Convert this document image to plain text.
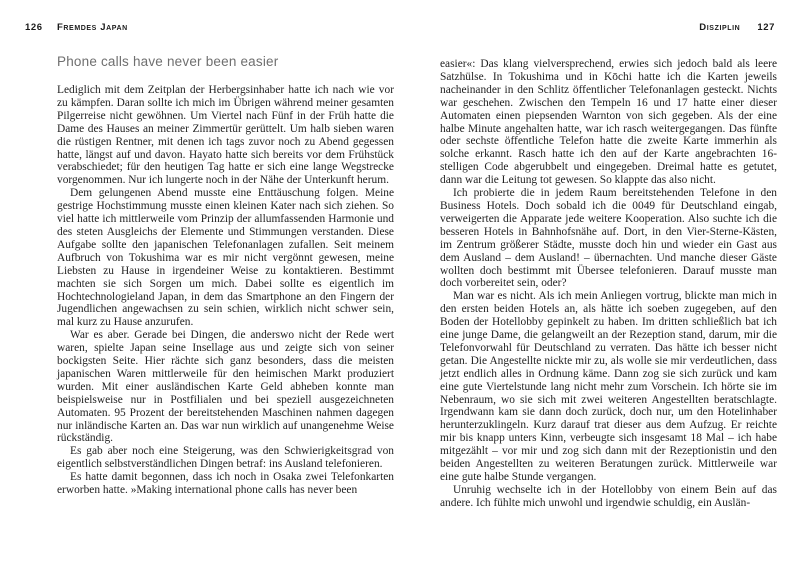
126 Fremdes Japan
Phone calls have never been easier

Lediglich mit dem Zeitplan der Herbergsinhaber hatte ich nach wie vor zu kämpfen. Daran sollte ich mich im Übrigen während meiner gesamten Pilgerreise nicht gewöhnen. Um Viertel nach Fünf in der Früh hatte die Dame des Hauses an meiner Zimmertür gerüttelt. Um halb sieben waren die rüstigen Rentner, mit denen ich tags zuvor noch zu Abend gegessen hatte, längst auf und davon. Hayato hatte sich bereits vor dem Frühstück verabschiedet; für den heutigen Tag hatte er sich eine lange Wegstrecke vorgenommen. Nur ich lungerte noch in der Nähe der Unterkunft herum.

Dem gelungenen Abend musste eine Enttäuschung folgen. Meine gestrige Hochstimmung musste einen kleinen Kater nach sich ziehen. So viel hatte ich mittlerweile vom Prinzip der allumfassenden Harmonie und des steten Ausgleichs der Elemente und Stimmungen verstanden. Diese Aufgabe sollte den japanischen Telefonanlagen zufallen. Seit meinem Aufbruch von Tokushima war es mir nicht vergönnt gewesen, meine Liebsten zu Hause in irgendeiner Weise zu kontaktieren. Bestimmt machten sie sich Sorgen um mich. Dabei sollte es eigentlich im Hochtechnologieland Japan, in dem das Smartphone an den Fingern der Jugendlichen angewachsen zu sein schien, wirklich nicht schwer sein, mal kurz zu Hause anzurufen.

War es aber. Gerade bei Dingen, die anderswo nicht der Rede wert waren, spielte Japan seine Insellage aus und zeigte sich von seiner bockigsten Seite. Hier rächte sich ganz besonders, dass die meisten japanischen Waren mittlerweile für den heimischen Markt produziert wurden. Mit einer ausländischen Karte Geld abheben konnte man beispielsweise nur in Postfilialen und bei speziell ausgezeichneten Automaten. 95 Prozent der bereitstehenden Maschinen nahmen dagegen nur inländische Karten an. Das war nun wirklich auf unangenehme Weise rückständig.

Es gab aber noch eine Steigerung, was den Schwierigkeitsgrad von eigentlich selbstverständlichen Dingen betraf: ins Ausland telefonieren.

Es hatte damit begonnen, dass ich noch in Osaka zwei Telefonkarten erworben hatte. »Making international phone calls has never been

Disziplin 127

easier«: Das klang vielversprechend, erwies sich jedoch bald als leere Satzhülse. In Tokushima und in Kōchi hatte ich die Karten jeweils nacheinander in den Schlitz öffentlicher Telefonanlagen gesteckt. Nichts war geschehen. Zwischen den Tempeln 16 und 17 hatte einer dieser Automaten einen piepsenden Warnton von sich gegeben. Als der eine halbe Minute angehalten hatte, war ich rasch weitergegangen. Das fünfte oder sechste öffentliche Telefon hatte die zweite Karte immerhin als solche erkannt. Rasch hatte ich den auf der Karte angebrachten 16-stelligen Code abgerubbelt und eingegeben. Dreimal hatte es getutet, dann war die Leitung tot gewesen. So klappte das also nicht.

Ich probierte die in jedem Raum bereitstehenden Telefone in den Business Hotels. Doch sobald ich die 0049 für Deutschland eingab, verweigerten die Apparate jede weitere Kooperation. Also suchte ich die besseren Hotels in Bahnhofsnähe auf. Dort, in den Vier-Sterne-Kästen, im Zentrum größerer Städte, musste doch hin und wieder ein Gast aus dem Ausland – dem Ausland! – übernachten. Und manche dieser Gäste wollten doch bestimmt mit Übersee telefonieren. Darauf musste man doch vorbereitet sein, oder?

Man war es nicht. Als ich mein Anliegen vortrug, blickte man mich in den ersten beiden Hotels an, als hätte ich soeben zugegeben, auf den Boden der Hotellobby gepinkelt zu haben. Im dritten schließlich bat ich eine junge Dame, die gelangweilt an der Rezeption stand, darum, mir die Telefonvorwahl für Deutschland zu verraten. Das hätte ich besser nicht getan. Die Angestellte nickte mir zu, als wolle sie mir verdeutlichen, dass jetzt endlich alles in Ordnung käme. Dann zog sie sich zurück und kam eine gute Viertelstunde lang nicht mehr zum Vorschein. Ich hörte sie im Nebenraum, wo sie sich mit zwei weiteren Angestellten beratschlagte. Irgendwann kam sie dann doch zurück, doch nur, um den Hotelinhaber herunterzuklingeln. Kurz darauf trat dieser aus dem Aufzug. Er reichte mir bis knapp unters Kinn, verbeugte sich insgesamt 18 Mal – ich habe mitgezählt – vor mir und zog sich dann mit der Rezeptionistin und den beiden Angestellten zu weiteren Beratungen zurück. Mittlerweile war eine gute halbe Stunde vergangen.

Unruhig wechselte ich in der Hotellobby von einem Bein auf das andere. Ich fühlte mich unwohl und irgendwie schuldig, ein Auslän-
